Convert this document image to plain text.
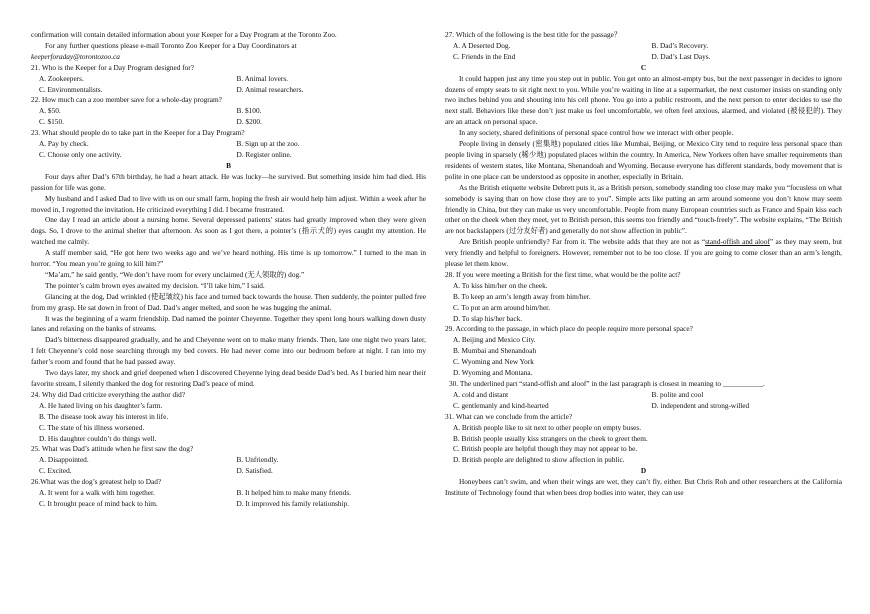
confirmation will contain detailed information about your Keeper for a Day Program at the Toronto Zoo.

For any further questions please e-mail Toronto Zoo Keeper for a Day Coordinators at

keeperforaday@torontozoo.ca

21. Who is the Keeper for a Day Program designed for?

A. Zookeepers.	B. Animal lovers.
C. Environmentalists.	D. Animal researchers.

22. How much can a zoo member save for a whole-day program?

A. $50.	B. $100.
C. $150.	D. $200.

23. What should people do to take part in the Keeper for a Day Program?

A. Pay by check.	B. Sign up at the zoo.
C. Choose only one activity.	D. Register online.

B

Four days after Dad’s 67th birthday, he had a heart attack. He was lucky—he survived. But something inside him had died. His passion for life was gone.

My husband and I asked Dad to live with us on our small farm, hoping the fresh air would help him adjust. Within a week after he moved in, I regretted the invitation. He criticized everything I did. I became frustrated.

One day I read an article about a nursing home. Several depressed patients’ states had greatly improved when they were given dogs. So, I drove to the animal shelter that afternoon. As soon as I got there, a pointer’s (指示犬的) eyes caught my attention. He watched me calmly.

A staff member said, “He got here two weeks ago and we’ve heard nothing. His time is up tomorrow.” I turned to the man in horror. “You mean you’re going to kill him?”

“Ma’am,” he said gently, “We don’t have room for every unclaimed (无人领取的) dog.”

The pointer’s calm brown eyes awaited my decision. “I’ll take him,” I said.

Glancing at the dog, Dad wrinkled (使起皱纹) his face and turned back towards the house. Then suddenly, the pointer pulled free from my grasp. He sat down in front of Dad. Dad’s anger melted, and soon he was hugging the animal.

It was the beginning of a warm friendship. Dad named the pointer Cheyenne. Together they spent long hours walking down dusty lanes and relaxing on the banks of streams.

Dad’s bitterness disappeared gradually, and he and Cheyenne went on to make many friends. Then, late one night two years later, I felt Cheyenne’s cold nose searching through my bed covers. He had never come into our bedroom before at night. I ran into my father’s room and found that he had passed away.

Two days later, my shock and grief deepened when I discovered Cheyenne lying dead beside Dad’s bed. As I buried him near their favorite stream, I silently thanked the dog for restoring Dad’s peace of mind.

24. Why did Dad criticize everything the author did?

A. He hated living on his daughter’s farm.
B. The disease took away his interest in life.
C. The state of his illness worsened.
D. His daughter couldn’t do things well.

25. What was Dad’s attitude when he first saw the dog?

A. Disappointed.	B. Unfriendly.
C. Excited.	D. Satisfied.

26.What was the dog’s greatest help to Dad?

A. It went for a walk with him together.	B. It helped him to make many friends.
C. It brought peace of mind back to him.	D. It improved his family relationship.

27. Which of the following is the best title for the passage？

A. A Deserted Dog.	B. Dad’s Recovery.
C. Friends in the End	D. Dad’s Last Days.

C

It could happen just any time you step out in public. You get onto an almost-empty bus, but the next passenger in decides to ignore dozens of empty seats to sit right next to you. While you’re waiting in line at a supermarket, the next customer insists on standing only two inches behind you and shouting into his cell phone. You go into a public restroom, and the next person to enter decides to use the next stall. Behaviors like these don’t just make us feel uncomfortable, we often feel anxious, alarmed, and violated (被侵犯的). They are an attack on personal space.

In any society, shared definitions of personal space control how we interact with other people.

People living in densely (密集地) populated cities like Mumbai, Beijing, or Mexico City tend to require less personal space than people living in sparsely (稀少地) populated places within the country. In America, New Yorkers often have smaller requirements than residents of western states, like Montana, Shenandoah and Wyoming. Because everyone has different standards, body movement that is polite in one place can be understood as opposite in another, especially in Britain.

As the British etiquette website Debrett puts it, as a British person, somebody standing too close may make you “focusless on what somebody is saying than on how close they are to you”. Simple acts like putting an arm around someone you don’t know may seem friendly in China, but they can make us very uncomfortable. People from many European countries such as France and Spain kiss each other on the cheek when they meet, yet to British person, this seems too friendly and “touch-freely”. The website explains, “The British are not backslappers (过分友好者) and generally do not show affection in public”.

Are British people unfriendly? Far from it. The website adds that they are not as “stand-offish and aloof” as they may seem, but very friendly and helpful to foreigners. However, remember not to be too close. If you are going to come closer than an arm’s length, please let them know.

28. If you were meeting a British for the first time, what would be the polite act?

A. To kiss him/her on the cheek.
B. To keep an arm’s length away from him/her.
C. To put an arm around him/her.
D. To slap his/her back.

29. According to the passage, in which place do people require more personal space?

A. Beijing and Mexico City.
B. Mumbai and Shenandoah
C. Wyoming and New York
D. Wyoming and Montana.

30. The underlined part “stand-offish and aloof” in the last paragraph is closest in meaning to ___________.

A. cold and distant	B. polite and cool
C. gentlemanly and kind-hearted	D. independent and strong-willed

31. What can we conclude from the article?

A. British people like to sit next to other people on empty buses.
B. British people usually kiss strangers on the cheek to greet them.
C. British people are helpful though they may not appear to be.
D. British people are delighted to show affection in public.

D

Honeybees can’t swim, and when their wings are wet, they can’t fly, either. But Chris Roh and other researchers at the California Institute of Technology found that when bees drop bodies into water, they can use
